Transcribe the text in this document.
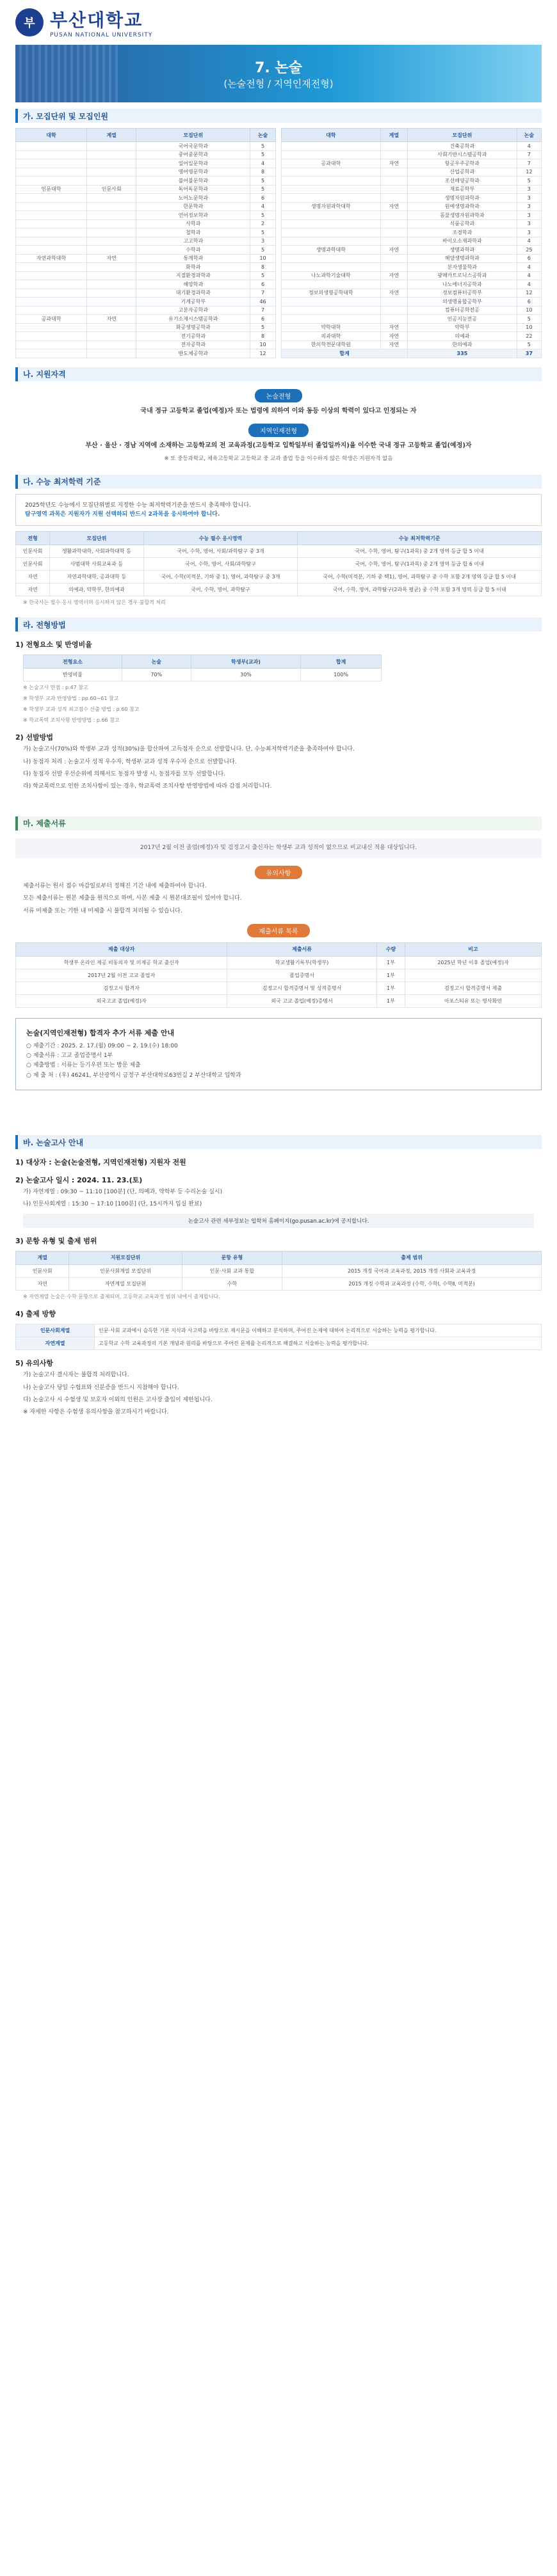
부 부산대학교
PUSAN NATIONAL UNIVERSITY
7. 논술
(논술전형 / 지역인재전형)
가. 모집단위 및 모집인원
대학	계열	모집단위	논술
		국어국문학과	5
		중어중문학과	5
		일어일문학과	4
		영어영문학과	8
		불어불문학과	5
인문대학	인문사회	독어독문학과	5
		노어노문학과	6
		한문학과	4
		언어정보학과	5
		사학과	2
		철학과	5
		고고학과	3
		수학과	5
자연과학대학	자연	통계학과	10
		화학과	8
		지질환경과학과	5
		해양학과	6
		대기환경과학과	7
		기계공학부	46
		고분자공학과	7
공과대학	자연	유기소재시스템공학과	6
		화공생명공학과	5
		전기공학과	8
		전자공학과	10
		반도체공학과	12
대학	계열	모집단위	논술
		건축공학과	4
		사회기반시스템공학과	7
공과대학	자연	항공우주공학과	7
		산업공학과	12
		조선해양공학과	5
		재료공학부	3
		생명자원과학과	3
생명자원과학대학	자연	원예생명과학과	3
		동물생명자원과학과	3
		식품공학과	3
		조경학과	3
		바이오소재과학과	4
생명과학대학	자연	생명과학과	25
		해양생명과학과	6
		분자생물학과	4
나노과학기술대학	자연	광메카트로닉스공학과	4
		나노에너지공학과	4
정보의생명공학대학	자연	정보컴퓨터공학부	12
		의생명융합공학부	6
		컴퓨터공학전공	10
		인공지능전공	5
약학대학	자연	약학부	10
의과대학	자연	의예과	22
한의학전문대학원	자연	한의예과	5
합계		335	37
나. 지원자격
논술전형
국내 정규 고등학교 졸업(예정)자 또는 법령에 의하여 이와 동등 이상의 학력이 있다고 인정되는 자
지역인재전형
부산 · 울산 · 경남 지역에 소재하는 고등학교의 전 교육과정(고등학교 입학일부터 졸업일까지)을 이수한 국내 정규 고등학교 졸업(예정)자
※ 또 중등과학교, 체육고등학교 고등학교 중 교과 졸업 등을 이수하지 않은 학생은 지원자격 없음
다. 수능 최저학력 기준
2025학년도 수능에서 모집단위별로 지정한 수능 최저학력기준을 반드시 충족해야 합니다.
탐구영역 과목은 지원자가 지원 선택하되 반드시 2과목을 응시하여야 합니다.
전형	모집단위	수능 필수 응시영역	수능 최저학력기준
인문사회	생활과학대학, 사회과학대학 등	국어, 수학, 영어, 사회/과학탐구 중 3개	국어, 수학, 영어, 탐구(1과목) 중 2개 영역 등급 합 5 이내
인문사회	사범대학 사회교육과 등	국어, 수학, 영어, 사회/과학탐구	국어, 수학, 영어, 탐구(1과목) 중 2개 영역 등급 합 6 이내
자연	자연과학대학, 공과대학 등	국어, 수학(미적분, 기하 중 1), 영어, 과학탐구 중 3개	국어, 수학(미적분, 기하 중 택1), 영어, 과학탐구 중 수학 포함 2개 영역 등급 합 5 이내
자연	의예과, 약학부, 한의예과	국어, 수학, 영어, 과학탐구	국어, 수학, 영어, 과학탐구(2과목 평균) 중 수학 포함 3개 영역 등급 합 5 이내
※ 한국사는 필수 응시 영역이며 응시하지 않은 경우 불합격 처리
라. 전형방법
1) 전형요소 및 반영비율
전형요소	논술	학생부(교과)	합계
반영비율	70%	30%	100%
※ 논술고사 만점 : p.47 참고
※ 학생부 교과 반영방법 : pp.60~61 참고
※ 학생부 교과 성적 최고점수 산출 방법 : p.60 참고
※ 학교폭력 조치사항 반영방법 : p.66 참고
2) 선발방법
가) 논술고사(70%)와 학생부 교과 성적(30%)을 합산하여 고득점자 순으로 선발합니다. 단, 수능최저학력기준을 충족하여야 합니다.
나) 동점자 처리 : 논술고사 성적 우수자, 학생부 교과 성적 우수자 순으로 선발합니다.
다) 동점자 선발 우선순위에 의해서도 동점자 발생 시, 동점자를 모두 선발합니다.
라) 학교폭력으로 인한 조치사항이 있는 경우, 학교폭력 조치사항 반영방법에 따라 감점 처리합니다.
마. 제출서류
2017년 2월 이전 졸업(예정)자 및 검정고시 출신자는 학생부 교과 성적이 없으므로 비교내신 적용 대상입니다.
유의사항
제출서류는 원서 접수 마감일로부터 정해진 기간 내에 제출하여야 합니다.
모든 제출서류는 원본 제출을 원칙으로 하며, 사본 제출 시 원본대조필이 있어야 합니다.
서류 미제출 또는 기한 내 미제출 시 불합격 처리될 수 있습니다.
제출서류 목록
제출 대상자	제출서류	수량	비고
학생부 온라인 제공 비동의자 및 미제공 학교 출신자	학교생활기록부(학생부)	1부	2025년 학년 이후 졸업(예정)자
2017년 2월 이전 고교 졸업자	졸업증명서	1부	
검정고시 합격자	검정고시 합격증명서 및 성적증명서	1부	검정고시 합격증명서 제출
외국고교 졸업(예정)자	외국 고교 졸업(예정)증명서	1부	아포스티유 또는 영사확인
논술(지역인재전형) 합격자 추가 서류 제출 안내
○ 제출기간 : 2025. 2. 17.(월) 09:00 ~ 2. 19.(수) 18:00
○ 제출서류 : 고교 졸업증명서 1부
○ 제출방법 : 서류는 등기우편 또는 방문 제출
○ 제 출 처 : (우) 46241, 부산광역시 금정구 부산대학로63번길 2 부산대학교 입학과
바. 논술고사 안내
1) 대상자 : 논술(논술전형, 지역인재전형) 지원자 전원
2) 논술고사 일시 : 2024. 11. 23.(토)
가) 자연계열 : 09:30 ~ 11:10 [100분] (단, 의예과, 약학부 등 수리논술 실시)
나) 인문사회계열 : 15:30 ~ 17:10 [100분] (단, 15시까지 입실 완료)
논술고사 관련 세부정보는 입학처 홈페이지(go.pusan.ac.kr)에 공지합니다.
3) 문항 유형 및 출제 범위
계열	지원모집단위	문항 유형	출제 범위
인문사회	인문사회계열 모집단위	인문·사회 교과 통합	2015 개정 국어과 교육과정, 2015 개정 사회과 교육과정
자연	자연계열 모집단위	수학	2015 개정 수학과 교육과정 (수학, 수학Ⅰ, 수학Ⅱ, 미적분)
※ 자연계열 논술은 수학 문항으로 출제되며, 고등학교 교육과정 범위 내에서 출제합니다.
4) 출제 방향
인문사회계열	인문·사회 교과에서 습득한 기본 지식과 사고력을 바탕으로 제시문을 이해하고 분석하며, 주어진 논제에 대하여 논리적으로 서술하는 능력을 평가합니다.
자연계열	고등학교 수학 교육과정의 기본 개념과 원리를 바탕으로 주어진 문제를 논리적으로 해결하고 서술하는 능력을 평가합니다.
5) 유의사항
가) 논술고사 결시자는 불합격 처리합니다.
나) 논술고사 당일 수험표와 신분증을 반드시 지참해야 합니다.
다) 논술고사 시 수험생 및 보호자 이외의 인원은 고사장 출입이 제한됩니다.
※ 자세한 사항은 수험생 유의사항을 참고하시기 바랍니다.
